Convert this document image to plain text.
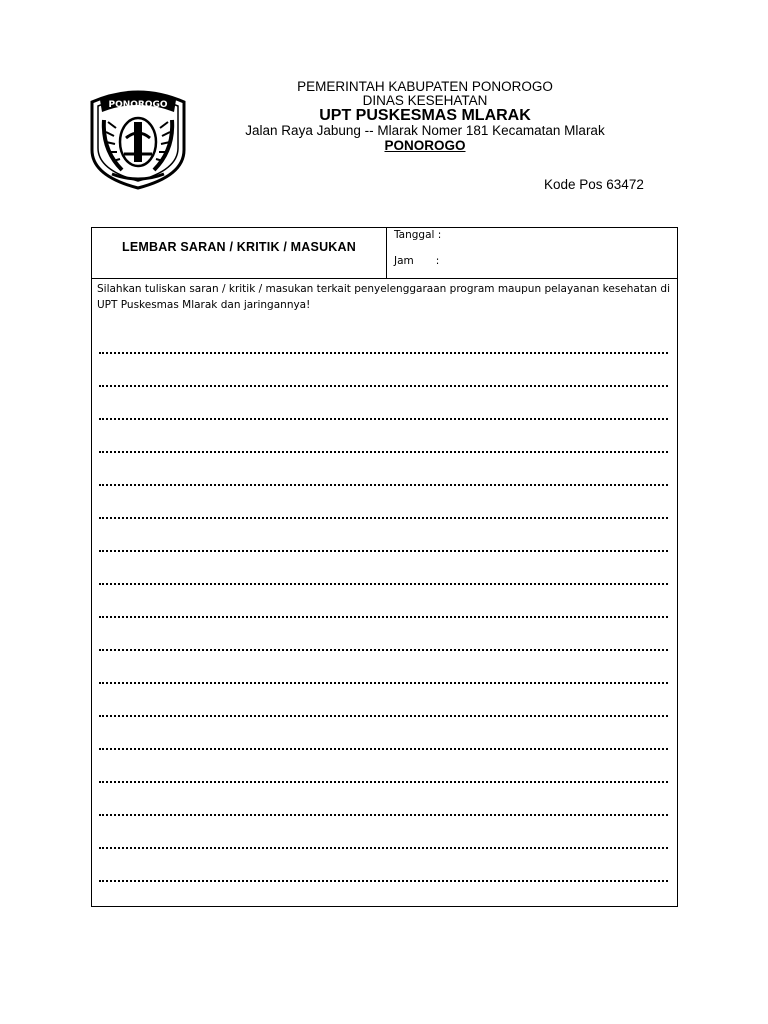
PONOROGO
PEMERINTAH KABUPATEN PONOROGO
DINAS KESEHATAN
UPT PUSKESMAS MLARAK
Jalan Raya Jabung -- Mlarak Nomer 181 Kecamatan Mlarak
PONOROGO
Kode Pos 63472
LEMBAR SARAN / KRITIK / MASUKAN
Tanggal :
Jam :
Silahkan tuliskan saran / kritik / masukan terkait penyelenggaraan program maupun pelayanan kesehatan di UPT Puskesmas Mlarak dan jaringannya!
